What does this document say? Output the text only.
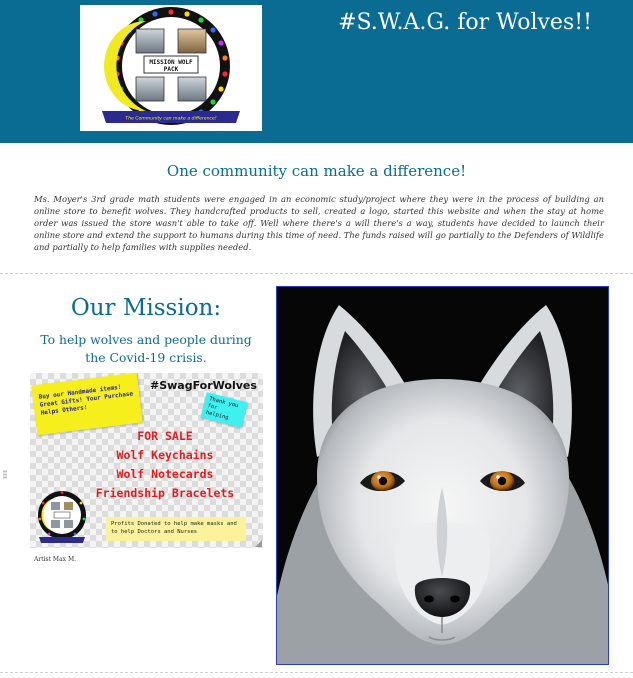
MISSION WOLF
PACK
The Community can make a difference!
#S.W.A.G. for Wolves!!
One community can make a difference!
Ms. Moyer's 3rd grade math students were engaged in an economic study/project where they were in the process of building an online store to benefit wolves. They handcrafted products to sell, created a logo, started this website and when the stay at home order was issued the store wasn't able to take off. Well where there's a will there's a way, students have decided to launch their online store and extend the support to humans during this time of need. The funds raised will go partially to the Defenders of Wildlife and partially to help families with supplies needed.
Our Mission:
To help wolves and people during the Covid-19 crisis.
Buy our Handmade items! Great Gifts! Your Purchase Helps Others!
#SwagForWolves
Thank you for helping
FOR SALE
Wolf Keychains
Wolf Notecards
Friendship Bracelets
Profits Donated to help make masks and to help Doctors and Nurses
Artist Max M.
